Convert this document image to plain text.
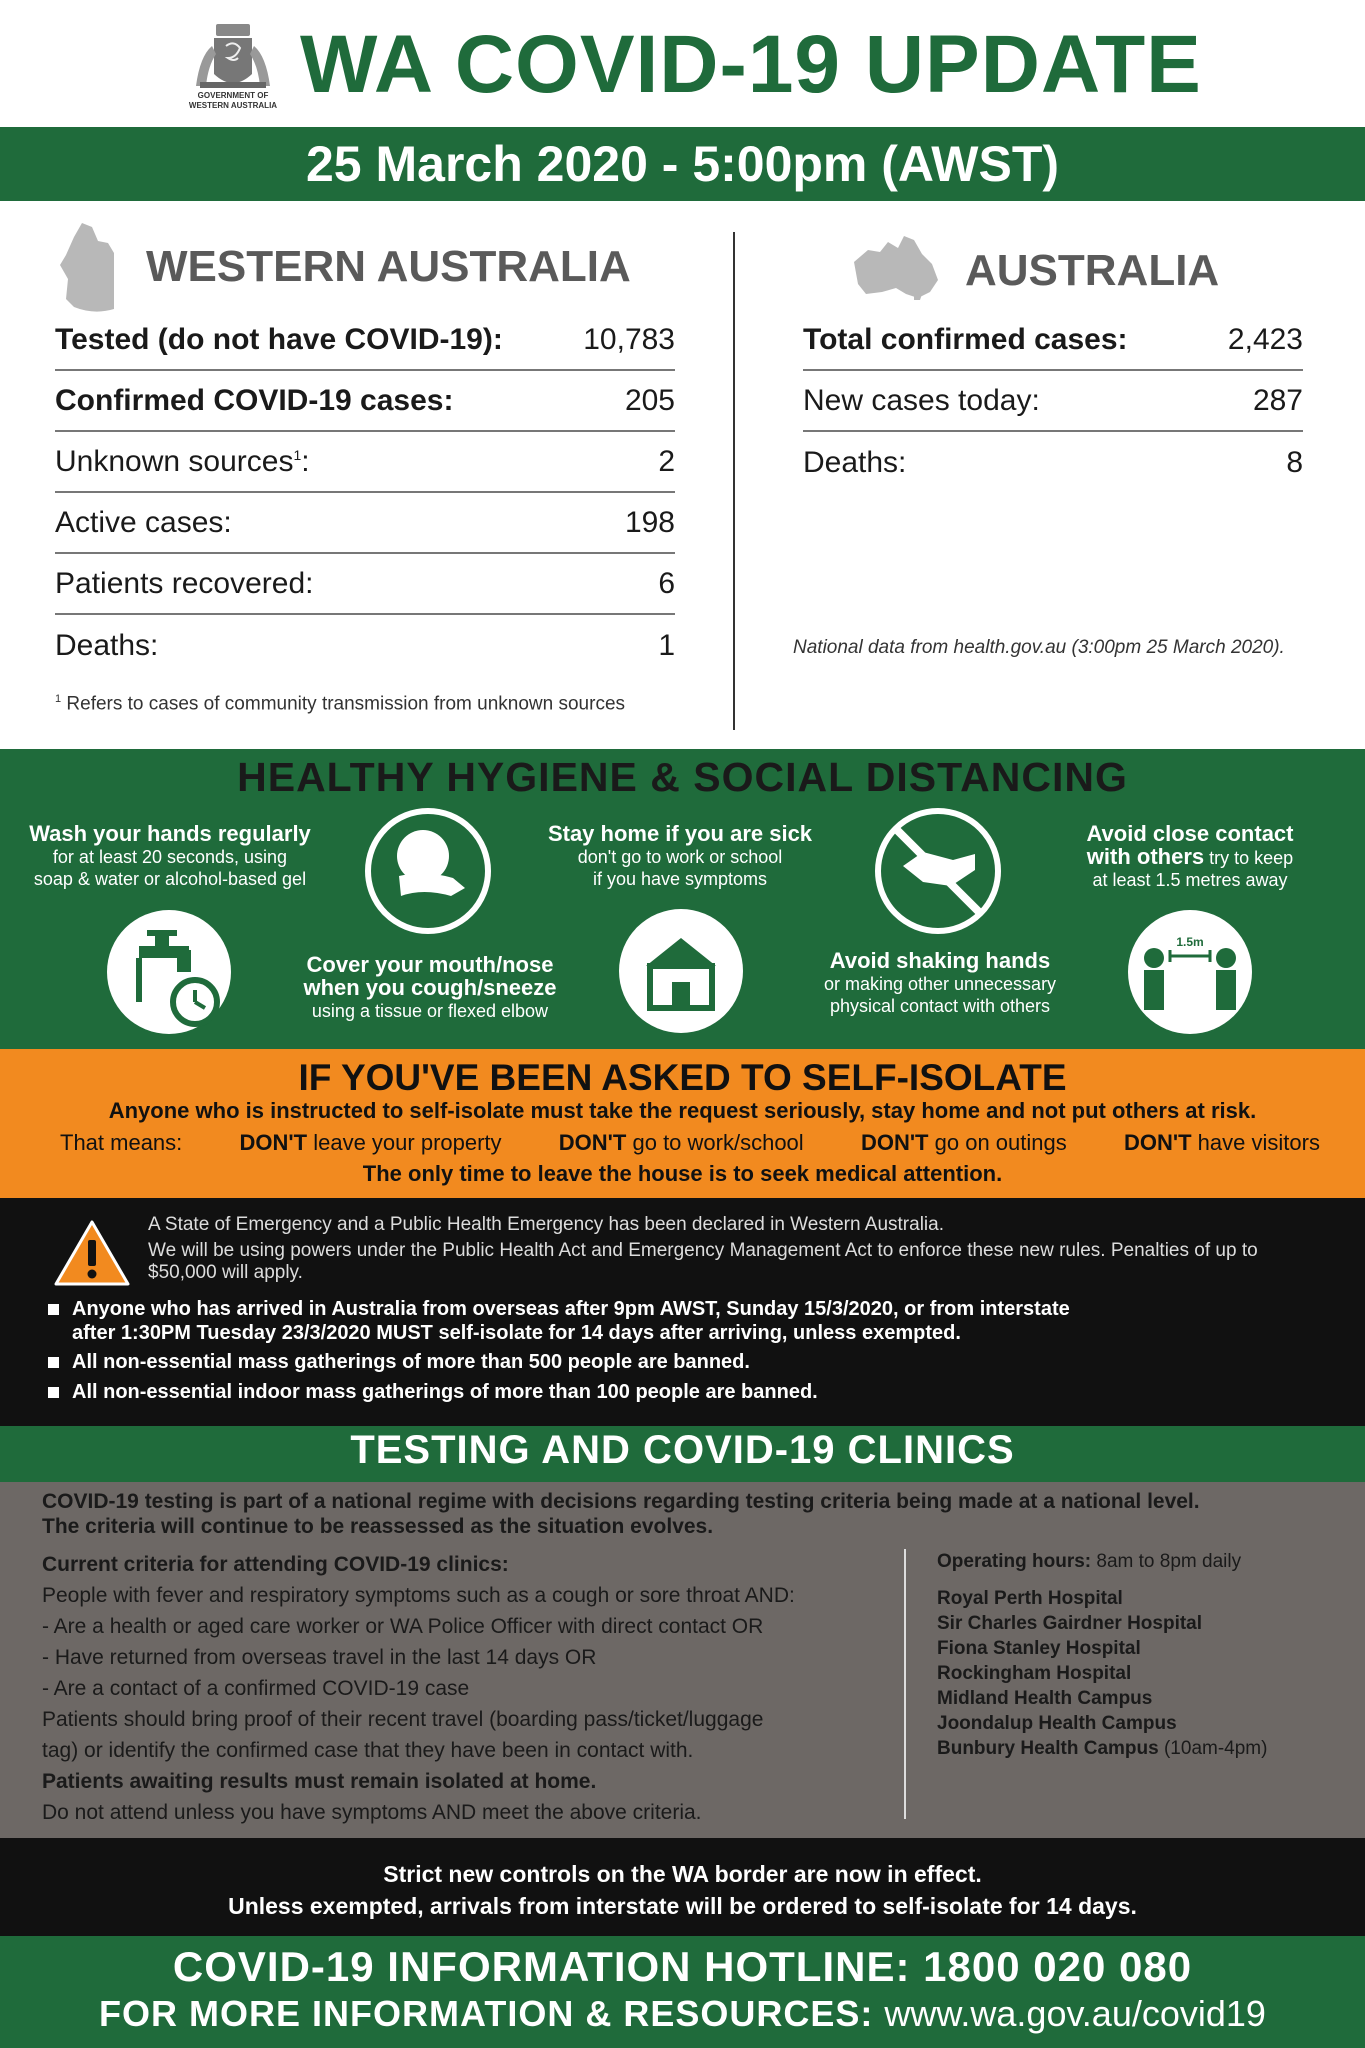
GOVERNMENT OF
WESTERN AUSTRALIA WA COVID-19 UPDATE
25 March 2020 - 5:00pm (AWST)
WESTERN AUSTRALIA
Tested (do not have COVID-19):	10,783
Confirmed COVID-19 cases:	205
Unknown sources$^1$:	2
Active cases:	198
Patients recovered:	6
Deaths:	1
$^1$ Refers to cases of community transmission from unknown sources
AUSTRALIA
Total confirmed cases:	2,423
New cases today:	287
Deaths:	8
National data from health.gov.au (3:00pm 25 March 2020).
HEALTHY HYGIENE & SOCIAL DISTANCING
Wash your hands regularly
for at least 20 seconds, using
soap & water or alcohol-based gel
Cover your mouth/nose
when you cough/sneeze
using a tissue or flexed elbow
Stay home if you are sick
don't go to work or school
if you have symptoms
Avoid shaking hands
or making other unnecessary
physical contact with others
Avoid close contact
with others try to keep
at least 1.5 metres away
1.5m
IF YOU'VE BEEN ASKED TO SELF-ISOLATE
Anyone who is instructed to self-isolate must take the request seriously, stay home and not put others at risk.
That means:	DON'T leave your property	DON'T go to work/school	DON'T go on outings	DON'T have visitors
The only time to leave the house is to seek medical attention.
A State of Emergency and a Public Health Emergency has been declared in Western Australia.
We will be using powers under the Public Health Act and Emergency Management Act to enforce these new rules. Penalties of up to $50,000 will apply.
Anyone who has arrived in Australia from overseas after 9pm AWST, Sunday 15/3/2020, or from interstate
after 1:30PM Tuesday 23/3/2020 MUST self-isolate for 14 days after arriving, unless exempted.
All non-essential mass gatherings of more than 500 people are banned.
All non-essential indoor mass gatherings of more than 100 people are banned.
TESTING AND COVID-19 CLINICS
COVID-19 testing is part of a national regime with decisions regarding testing criteria being made at a national level.
The criteria will continue to be reassessed as the situation evolves.
Current criteria for attending COVID-19 clinics:
People with fever and respiratory symptoms such as a cough or sore throat AND:
- Are a health or aged care worker or WA Police Officer with direct contact OR
- Have returned from overseas travel in the last 14 days OR
- Are a contact of a confirmed COVID-19 case
Patients should bring proof of their recent travel (boarding pass/ticket/luggage
tag) or identify the confirmed case that they have been in contact with.
Patients awaiting results must remain isolated at home.
Do not attend unless you have symptoms AND meet the above criteria.
Operating hours: 8am to 8pm daily
Royal Perth Hospital
Sir Charles Gairdner Hospital
Fiona Stanley Hospital
Rockingham Hospital
Midland Health Campus
Joondalup Health Campus
Bunbury Health Campus (10am-4pm)
Strict new controls on the WA border are now in effect.
Unless exempted, arrivals from interstate will be ordered to self-isolate for 14 days.
COVID-19 INFORMATION HOTLINE: 1800 020 080
FOR MORE INFORMATION & RESOURCES: www.wa.gov.au/covid19
